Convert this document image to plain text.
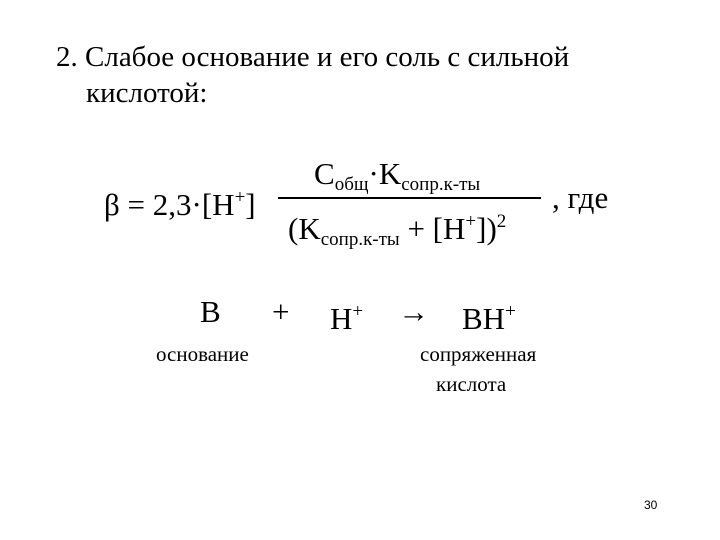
2. Слабое основание и его соль с сильной
кислотой:
β = 2,3·[H+]
$C_{общ}\cdot K_{сопр.к-ты}$
$(K_{сопр.к-ты} + [H^+])^2$
, где
B + H+ → BH+
основание	сопряженная
кислота
30
